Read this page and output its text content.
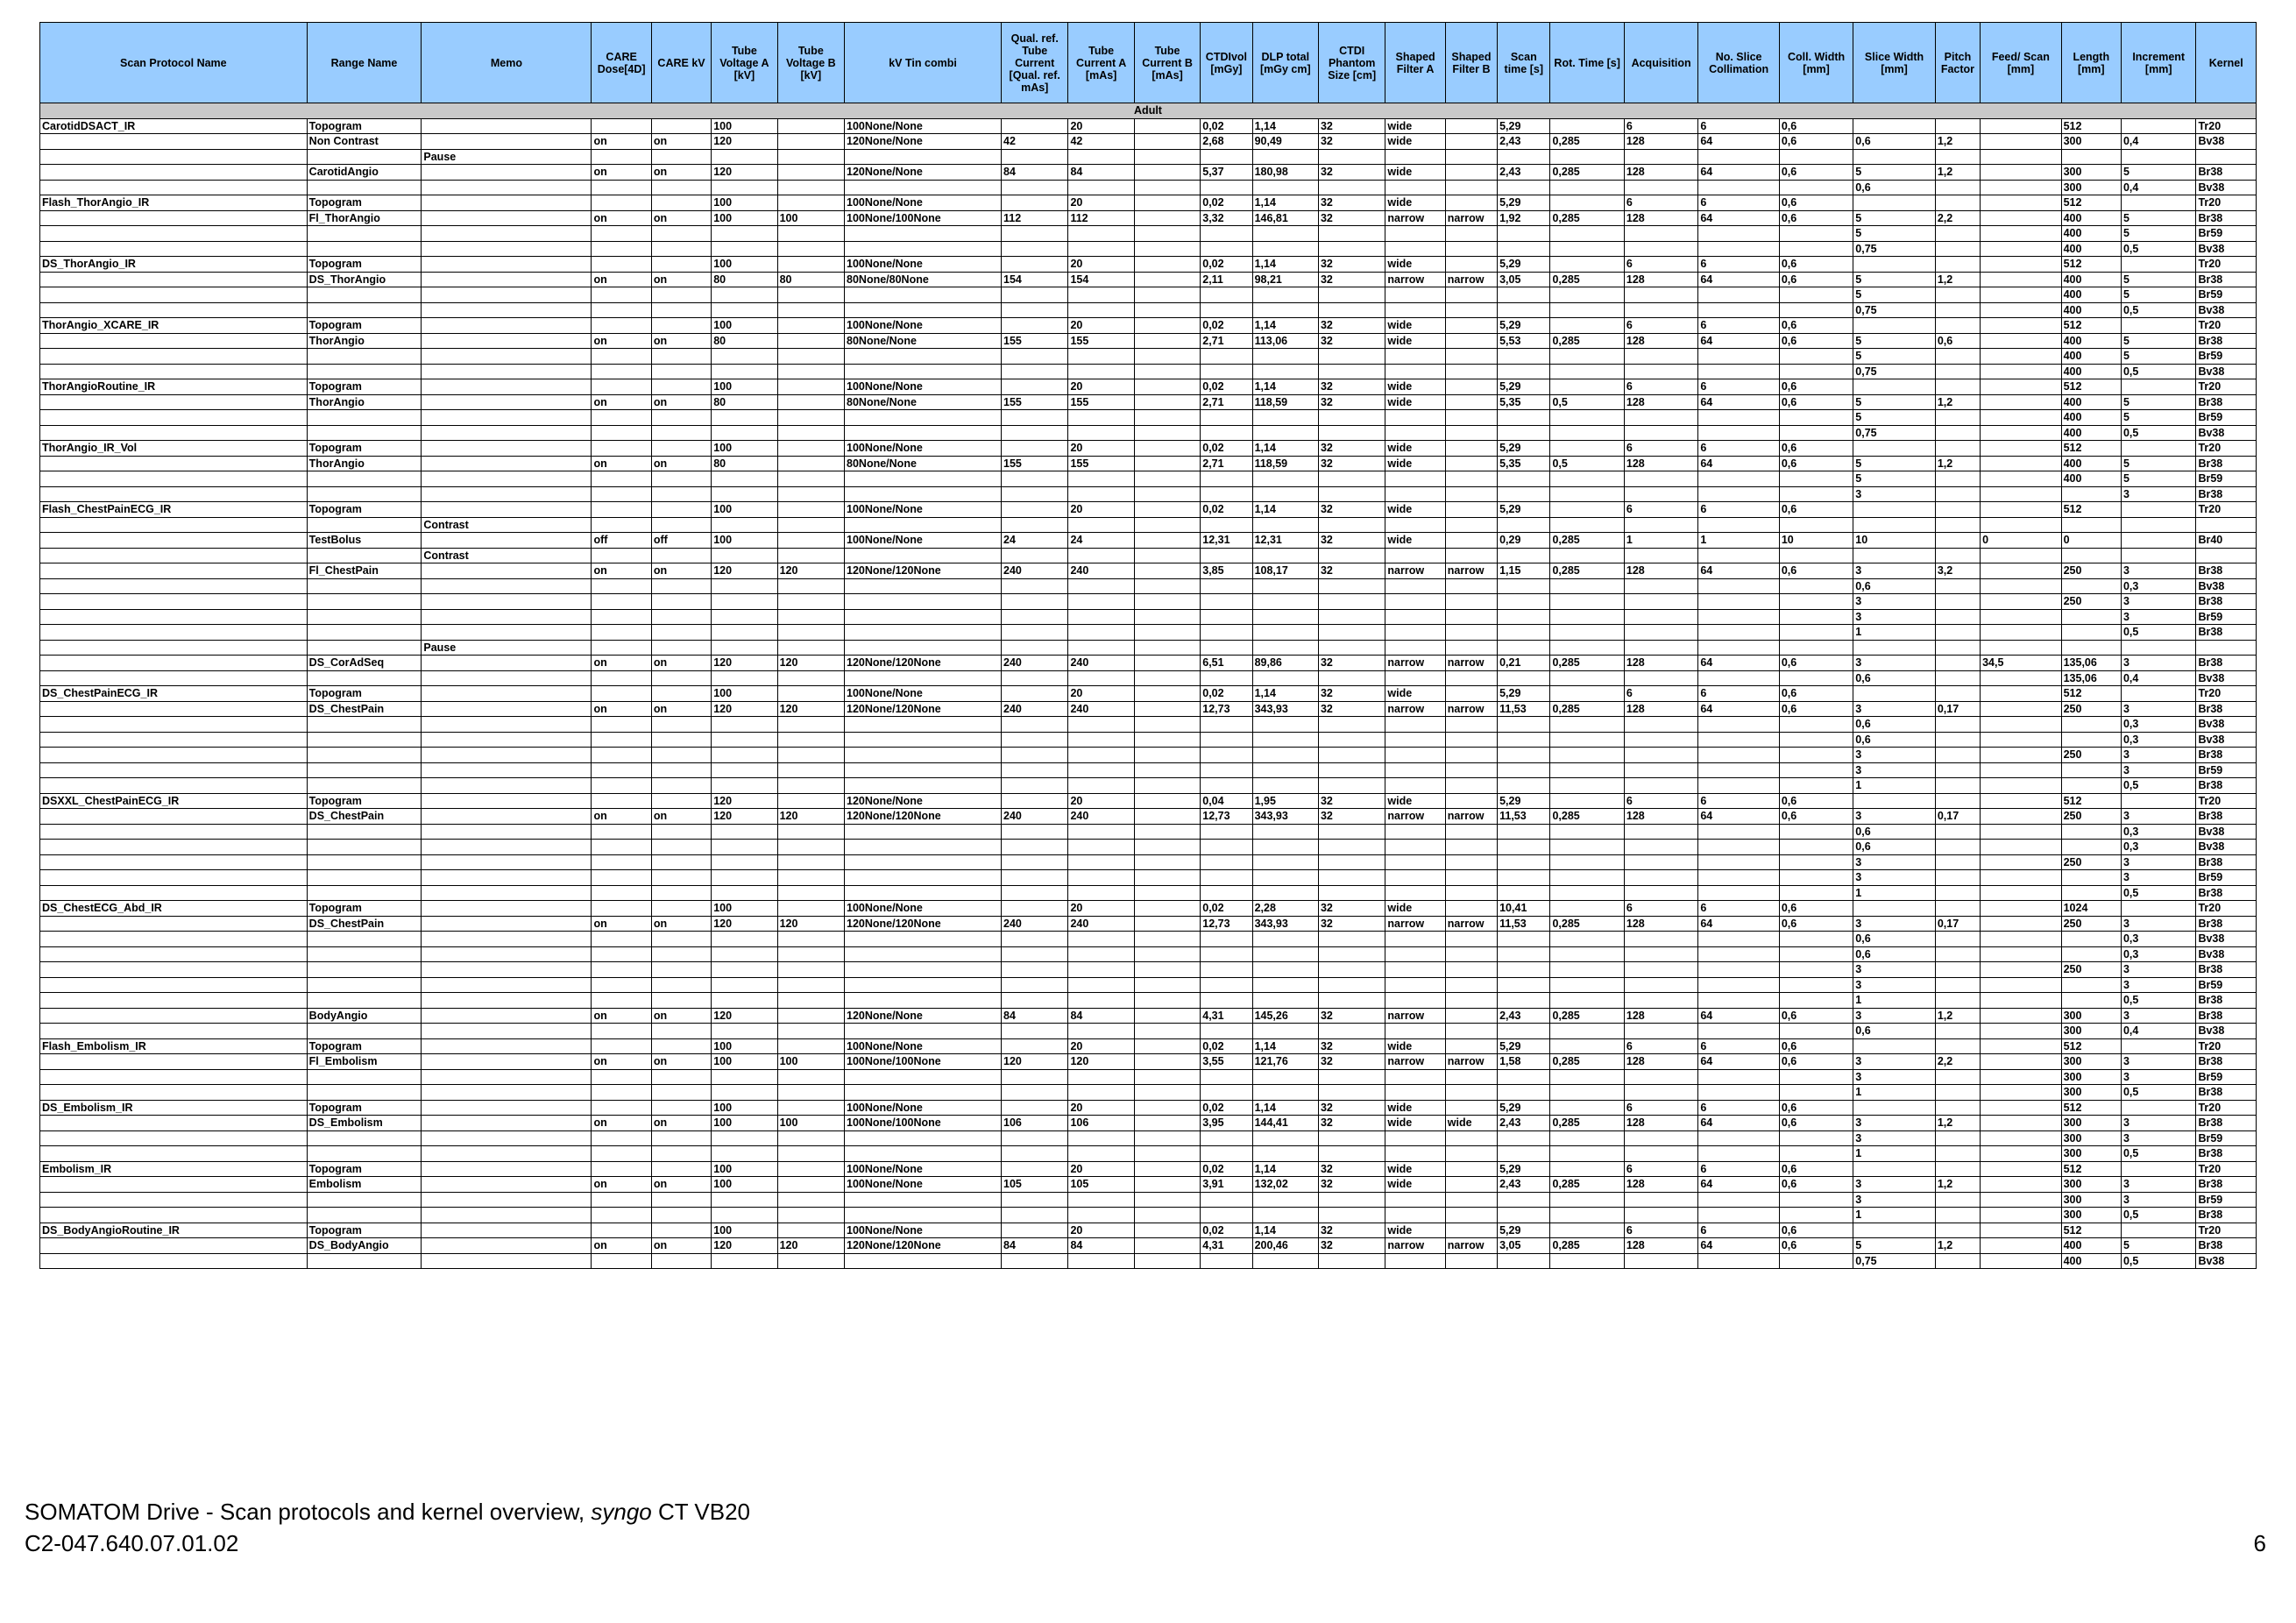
Scan Protocol Name	Range Name	Memo	CARE Dose[4D]	CARE kV	Tube Voltage A [kV]	Tube Voltage B [kV]	kV Tin combi	Qual. ref. Tube Current [Qual. ref. mAs]	Tube Current A [mAs]	Tube Current B [mAs]	CTDIvol [mGy]	DLP total [mGy cm]	CTDI Phantom Size [cm]	Shaped Filter A	Shaped Filter B	Scan time [s]	Rot. Time [s]	Acquisition	No. Slice Collimation	Coll. Width [mm]	Slice Width [mm]	Pitch Factor	Feed/ Scan [mm]	Length [mm]	Increment [mm]	Kernel
Adult																										
CarotidDSACT_IR	Topogram				100		100None/None		20		0,02	1,14	32	wide		5,29		6	6	0,6				512		Tr20
	Non Contrast		on	on	120		120None/None	42	42		2,68	90,49	32	wide		2,43	0,285	128	64	0,6	0,6	1,2		300	0,4	Bv38
		Pause																								
	CarotidAngio		on	on	120		120None/None	84	84		5,37	180,98	32	wide		2,43	0,285	128	64	0,6	5	1,2		300	5	Br38
																					0,6			300	0,4	Bv38
Flash_ThorAngio_IR	Topogram				100		100None/None		20		0,02	1,14	32	wide		5,29		6	6	0,6				512		Tr20
	Fl_ThorAngio		on	on	100	100	100None/100None	112	112		3,32	146,81	32	narrow	narrow	1,92	0,285	128	64	0,6	5	2,2		400	5	Br38
																					5			400	5	Br59
																					0,75			400	0,5	Bv38
DS_ThorAngio_IR	Topogram				100		100None/None		20		0,02	1,14	32	wide		5,29		6	6	0,6				512		Tr20
	DS_ThorAngio		on	on	80	80	80None/80None	154	154		2,11	98,21	32	narrow	narrow	3,05	0,285	128	64	0,6	5	1,2		400	5	Br38
																					5			400	5	Br59
																					0,75			400	0,5	Bv38
ThorAngio_XCARE_IR	Topogram				100		100None/None		20		0,02	1,14	32	wide		5,29		6	6	0,6				512		Tr20
	ThorAngio		on	on	80		80None/None	155	155		2,71	113,06	32	wide		5,53	0,285	128	64	0,6	5	0,6		400	5	Br38
																					5			400	5	Br59
																					0,75			400	0,5	Bv38
ThorAngioRoutine_IR	Topogram				100		100None/None		20		0,02	1,14	32	wide		5,29		6	6	0,6				512		Tr20
	ThorAngio		on	on	80		80None/None	155	155		2,71	118,59	32	wide		5,35	0,5	128	64	0,6	5	1,2		400	5	Br38
																					5			400	5	Br59
																					0,75			400	0,5	Bv38
ThorAngio_IR_Vol	Topogram				100		100None/None		20		0,02	1,14	32	wide		5,29		6	6	0,6				512		Tr20
	ThorAngio		on	on	80		80None/None	155	155		2,71	118,59	32	wide		5,35	0,5	128	64	0,6	5	1,2		400	5	Br38
																					5			400	5	Br59
																					3				3	Br38
Flash_ChestPainECG_IR	Topogram				100		100None/None		20		0,02	1,14	32	wide		5,29		6	6	0,6				512		Tr20
		Contrast																								
	TestBolus		off	off	100		100None/None	24	24		12,31	12,31	32	wide		0,29	0,285	1	1	10	10		0	0		Br40
		Contrast																								
	Fl_ChestPain		on	on	120	120	120None/120None	240	240		3,85	108,17	32	narrow	narrow	1,15	0,285	128	64	0,6	3	3,2		250	3	Br38
																					0,6				0,3	Bv38
																					3			250	3	Br38
																					3				3	Br59
																					1				0,5	Br38
		Pause																								
	DS_CorAdSeq		on	on	120	120	120None/120None	240	240		6,51	89,86	32	narrow	narrow	0,21	0,285	128	64	0,6	3		34,5	135,06	3	Br38
																					0,6			135,06	0,4	Bv38
DS_ChestPainECG_IR	Topogram				100		100None/None		20		0,02	1,14	32	wide		5,29		6	6	0,6				512		Tr20
	DS_ChestPain		on	on	120	120	120None/120None	240	240		12,73	343,93	32	narrow	narrow	11,53	0,285	128	64	0,6	3	0,17		250	3	Br38
																					0,6				0,3	Bv38
																					0,6				0,3	Bv38
																					3			250	3	Br38
																					3				3	Br59
																					1				0,5	Br38
DSXXL_ChestPainECG_IR	Topogram				120		120None/None		20		0,04	1,95	32	wide		5,29		6	6	0,6				512		Tr20
	DS_ChestPain		on	on	120	120	120None/120None	240	240		12,73	343,93	32	narrow	narrow	11,53	0,285	128	64	0,6	3	0,17		250	3	Br38
																					0,6				0,3	Bv38
																					0,6				0,3	Bv38
																					3			250	3	Br38
																					3				3	Br59
																					1				0,5	Br38
DS_ChestECG_Abd_IR	Topogram				100		100None/None		20		0,02	2,28	32	wide		10,41		6	6	0,6				1024		Tr20
	DS_ChestPain		on	on	120	120	120None/120None	240	240		12,73	343,93	32	narrow	narrow	11,53	0,285	128	64	0,6	3	0,17		250	3	Br38
																					0,6				0,3	Bv38
																					0,6				0,3	Bv38
																					3			250	3	Br38
																					3				3	Br59
																					1				0,5	Br38
	BodyAngio		on	on	120		120None/None	84	84		4,31	145,26	32	narrow		2,43	0,285	128	64	0,6	3	1,2		300	3	Br38
																					0,6			300	0,4	Bv38
Flash_Embolism_IR	Topogram				100		100None/None		20		0,02	1,14	32	wide		5,29		6	6	0,6				512		Tr20
	Fl_Embolism		on	on	100	100	100None/100None	120	120		3,55	121,76	32	narrow	narrow	1,58	0,285	128	64	0,6	3	2,2		300	3	Br38
																					3			300	3	Br59
																					1			300	0,5	Br38
DS_Embolism_IR	Topogram				100		100None/None		20		0,02	1,14	32	wide		5,29		6	6	0,6				512		Tr20
	DS_Embolism		on	on	100	100	100None/100None	106	106		3,95	144,41	32	wide	wide	2,43	0,285	128	64	0,6	3	1,2		300	3	Br38
																					3			300	3	Br59
																					1			300	0,5	Br38
Embolism_IR	Topogram				100		100None/None		20		0,02	1,14	32	wide		5,29		6	6	0,6				512		Tr20
	Embolism		on	on	100		100None/None	105	105		3,91	132,02	32	wide		2,43	0,285	128	64	0,6	3	1,2		300	3	Br38
																					3			300	3	Br59
																					1			300	0,5	Br38
DS_BodyAngioRoutine_IR	Topogram				100		100None/None		20		0,02	1,14	32	wide		5,29		6	6	0,6				512		Tr20
	DS_BodyAngio		on	on	120	120	120None/120None	84	84		4,31	200,46	32	narrow	narrow	3,05	0,285	128	64	0,6	5	1,2		400	5	Br38
																					0,75			400	0,5	Bv38
SOMATOM Drive - Scan protocols and kernel overview, syngo CT VB20
C2-047.640.07.01.02	6
